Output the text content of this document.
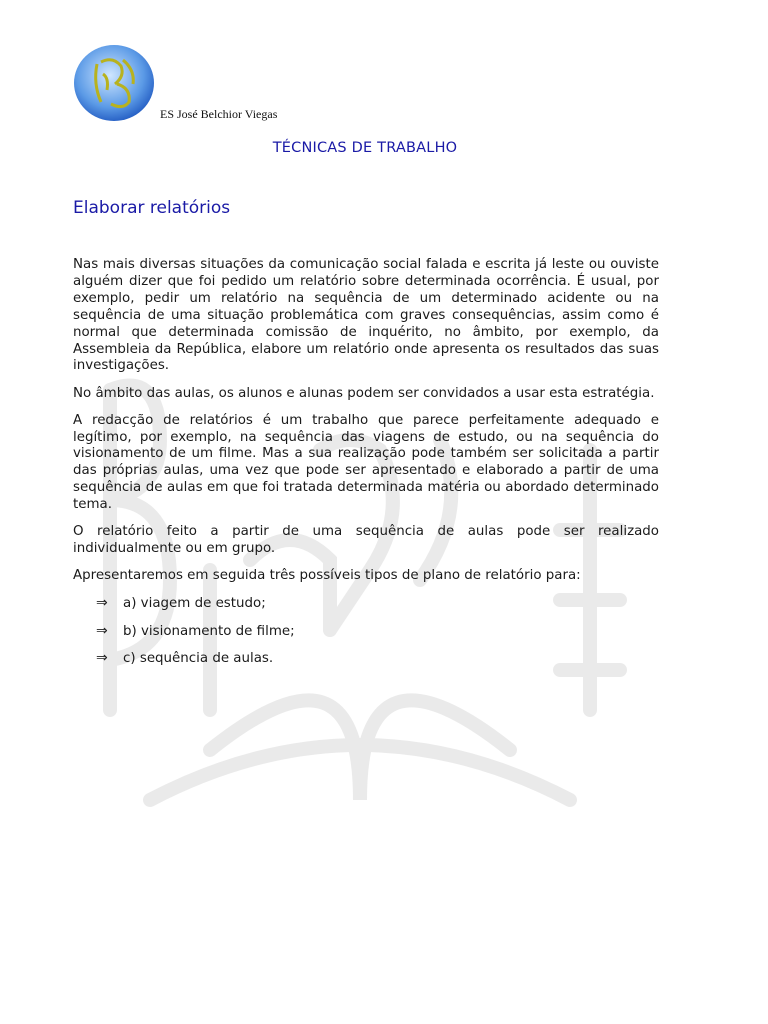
ES José Belchior Viegas
TÉCNICAS DE TRABALHO
Elaborar relatórios

Nas mais diversas situações da comunicação social falada e escrita já leste ou ouviste alguém dizer que foi pedido um relatório sobre determinada ocorrência. É usual, por exemplo, pedir um relatório na sequência de um determinado acidente ou na sequência de uma situação problemática com graves consequências, assim como é normal que determinada comissão de inquérito, no âmbito, por exemplo, da Assembleia da República, elabore um relatório onde apresenta os resultados das suas investigações.

No âmbito das aulas, os alunos e alunas podem ser convidados a usar esta estratégia.

A redacção de relatórios é um trabalho que parece perfeitamente adequado e legítimo, por exemplo, na sequência das viagens de estudo, ou na sequência do visionamento de um filme. Mas a sua realização pode também ser solicitada a partir das próprias aulas, uma vez que pode ser apresentado e elaborado a partir de uma sequência de aulas em que foi tratada determinada matéria ou abordado determinado tema.

O relatório feito a partir de uma sequência de aulas pode ser realizado individualmente ou em grupo.

Apresentaremos em seguida três possíveis tipos de plano de relatório para:

⇒	a) viagem de estudo;
⇒	b) visionamento de filme;
⇒	c) sequência de aulas.
